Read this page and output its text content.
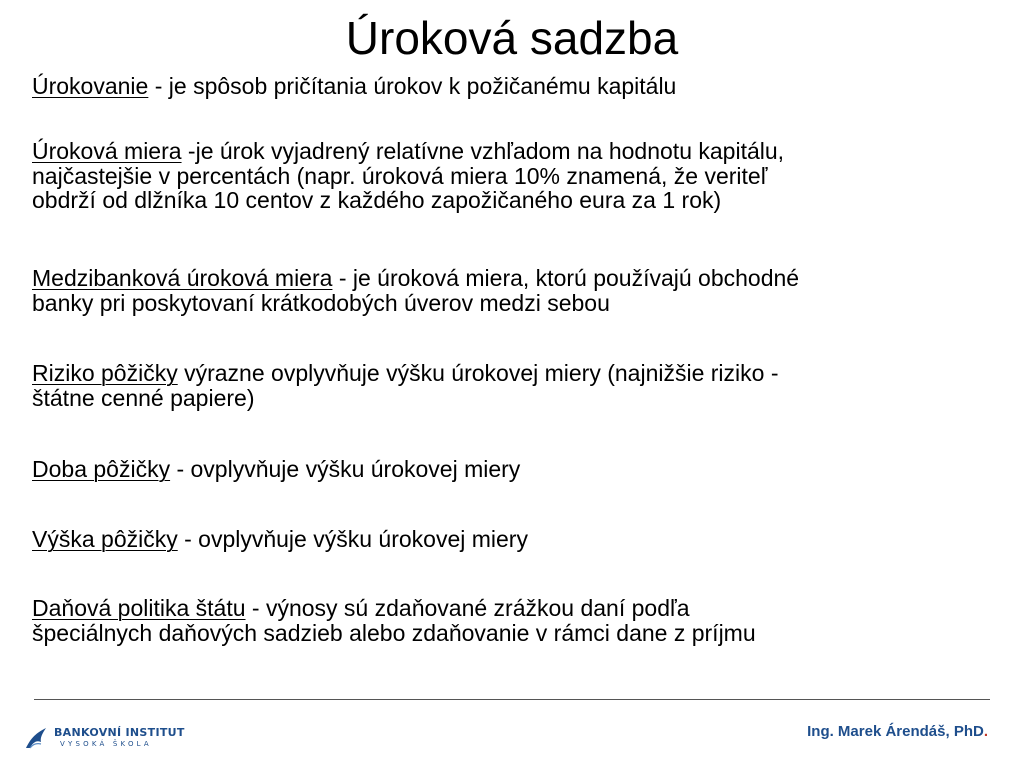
Úroková sadzba

Úrokovanie - je spôsob pričítania úrokov k požičanému kapitálu

Úroková miera -je úrok vyjadrený relatívne vzhľadom na hodnotu kapitálu,
najčastejšie v percentách (napr. úroková miera 10% znamená, že veriteľ
obdrží od dlžníka 10 centov z každého zapožičaného eura za 1 rok)

Medzibanková úroková miera - je úroková miera, ktorú používajú obchodné
banky pri poskytovaní krátkodobých úverov medzi sebou

Riziko pôžičky výrazne ovplyvňuje výšku úrokovej miery (najnižšie riziko -
štátne cenné papiere)

Doba pôžičky - ovplyvňuje výšku úrokovej miery

Výška pôžičky - ovplyvňuje výšku úrokovej miery

Daňová politika štátu - výnosy sú zdaňované zrážkou daní podľa
špeciálnych daňových sadzieb alebo zdaňovanie v rámci dane z príjmu

BANKOVNÍ INSTITUT
VYSOKÁ ŠKOLA
Ing. Marek Árendáš, PhD.
